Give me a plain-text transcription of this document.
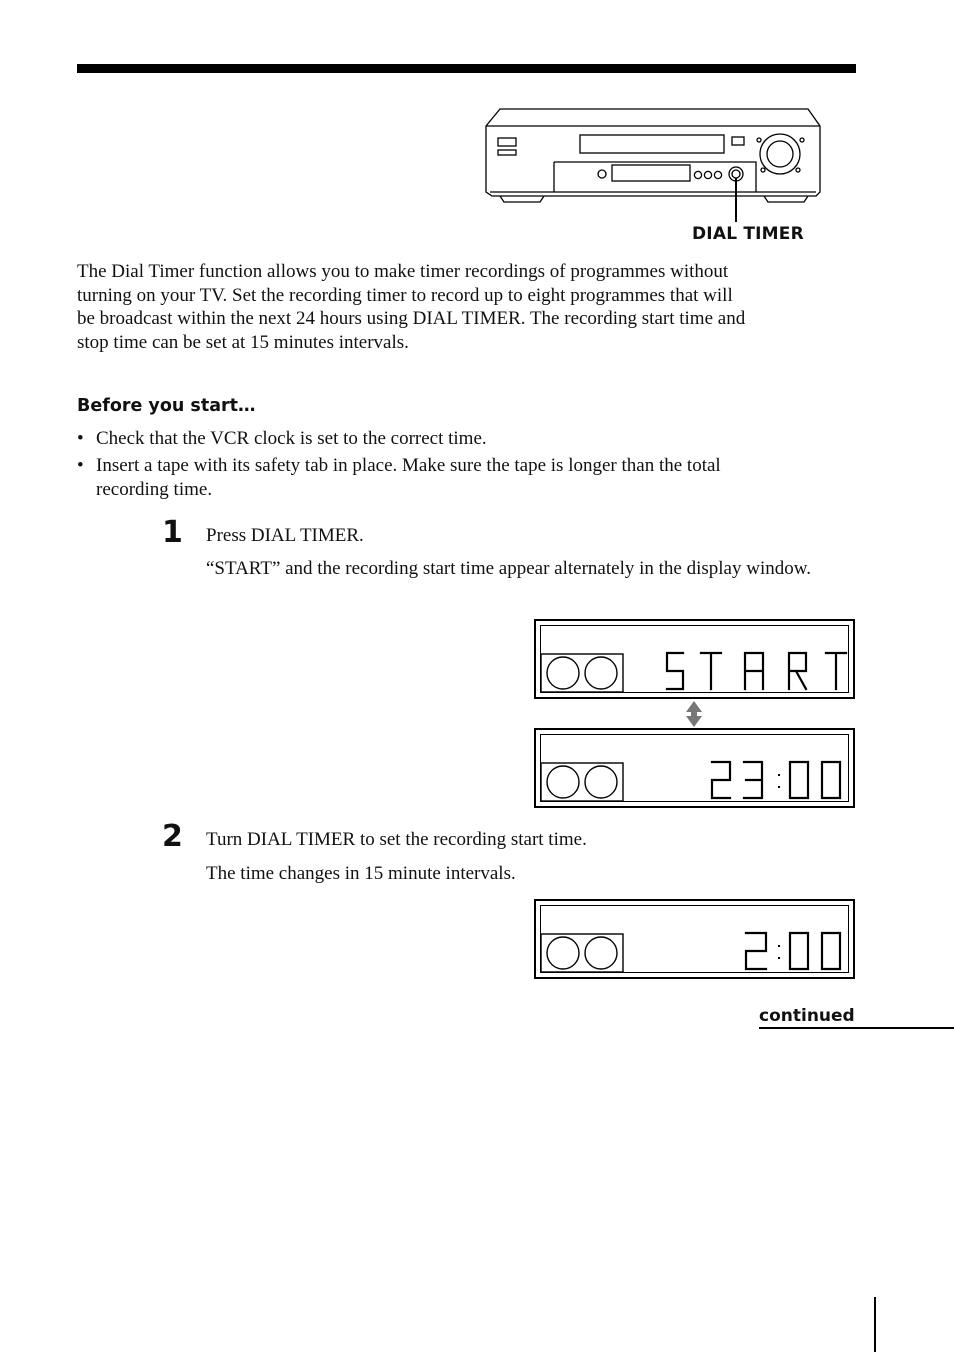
DIAL TIMER
The Dial Timer function allows you to make timer recordings of programmes without turning on your TV. Set the recording timer to record up to eight programmes that will be broadcast within the next 24 hours using DIAL TIMER. The recording start time and stop time can be set at 15 minutes intervals.
Before you start…
• Check that the VCR clock is set to the correct time.
• Insert a tape with its safety tab in place. Make sure the tape is longer than the total recording time.
1 Press DIAL TIMER.
“START” and the recording start time appear alternately in the display window.
2 Turn DIAL TIMER to set the recording start time.
The time changes in 15 minute intervals.
continued
